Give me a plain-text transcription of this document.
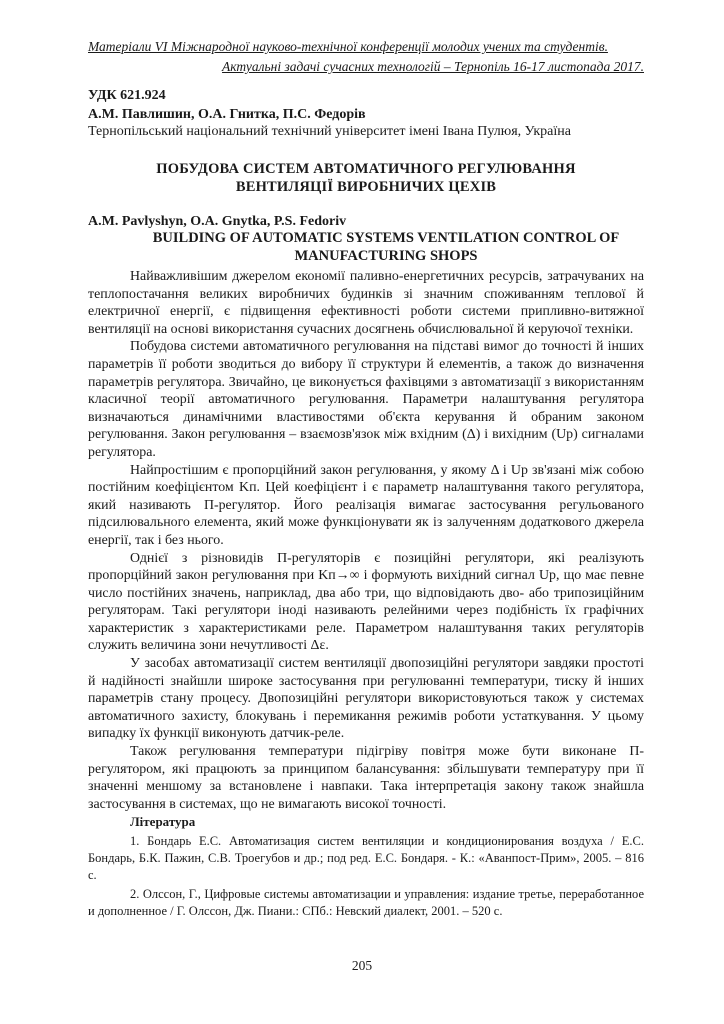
Матеріали VI Міжнародної науково-технічної конференції молодих учених та студентів.
Актуальні задачі сучасних технологій – Тернопіль 16-17 листопада 2017.
УДК 621.924
А.М. Павлишин, О.А. Гнитка, П.С. Федорів
Тернопільський національний технічний університет імені Івана Пулюя, Україна
ПОБУДОВА СИСТЕМ АВТОМАТИЧНОГО РЕГУЛЮВАННЯ ВЕНТИЛЯЦІЇ ВИРОБНИЧИХ ЦЕХІВ
A.M. Pavlyshyn, O.A. Gnytka, P.S. Fedoriv
BUILDING OF AUTOMATIC SYSTEMS VENTILATION CONTROL OF MANUFACTURING SHOPS

Найважливішим джерелом економії паливно-енергетичних ресурсів, затрачуваних на теплопостачання великих виробничих будинків зі значним споживанням теплової й електричної енергії, є підвищення ефективності роботи системи припливно-витяжної вентиляції на основі використання сучасних досягнень обчислювальної й керуючої техніки.

Побудова системи автоматичного регулювання на підставі вимог до точності й інших параметрів її роботи зводиться до вибору її структури й елементів, а також до визначення параметрів регулятора. Звичайно, це виконується фахівцями з автоматизації з використанням класичної теорії автоматичного регулювання. Параметри налаштування регулятора визначаються динамічними властивостями об'єкта керування й обраним законом регулювання. Закон регулювання – взаємозв'язок між вхідним (Δ) і вихідним (Uр) сигналами регулятора.

Найпростішим є пропорційний закон регулювання, у якому Δ і Uр зв'язані між собою постійним коефіцієнтом Kп. Цей коефіцієнт і є параметр налаштування такого регулятора, який називають П-регулятор. Його реалізація вимагає застосування регульованого підсилювального елемента, який може функціонувати як із залученням додаткового джерела енергії, так і без нього.

Однієї з різновидів П-регуляторів є позиційні регулятори, які реалізують пропорційний закон регулювання при Kп→∞ і формують вихідний сигнал Uр, що має певне число постійних значень, наприклад, два або три, що відповідають дво- або трипозиційним регуляторам. Такі регулятори іноді називають релейними через подібність їх графічних характеристик з характеристиками реле. Параметром налаштування таких регуляторів служить величина зони нечутливості Δε.

У засобах автоматизації систем вентиляції двопозиційні регулятори завдяки простоті й надійності знайшли широке застосування при регулюванні температури, тиску й інших параметрів стану процесу. Двопозиційні регулятори використовуються також у системах автоматичного захисту, блокувань і перемикання режимів роботи устаткування. У цьому випадку їх функції виконують датчик-реле.

Також регулювання температури підігріву повітря може бути виконане П-регулятором, які працюють за принципом балансування: збільшувати температуру при її значенні меншому за встановлене і навпаки. Така інтерпретація закону також знайшла застосування в системах, що не вимагають високої точності.

Література

1. Бондарь Е.С. Автоматизация систем вентиляции и кондиционирования воздуха / Е.С. Бондарь, Б.К. Пажин, С.В. Троегубов и др.; под ред. Е.С. Бондаря. - К.: «Аванпост-Прим», 2005. – 816 с.

2. Олссон, Г., Цифровые системы автоматизации и управления: издание третье, переработанное и дополненное / Г. Олссон, Дж. Пиани.: СПб.: Невский диалект, 2001. – 520 с.

205
